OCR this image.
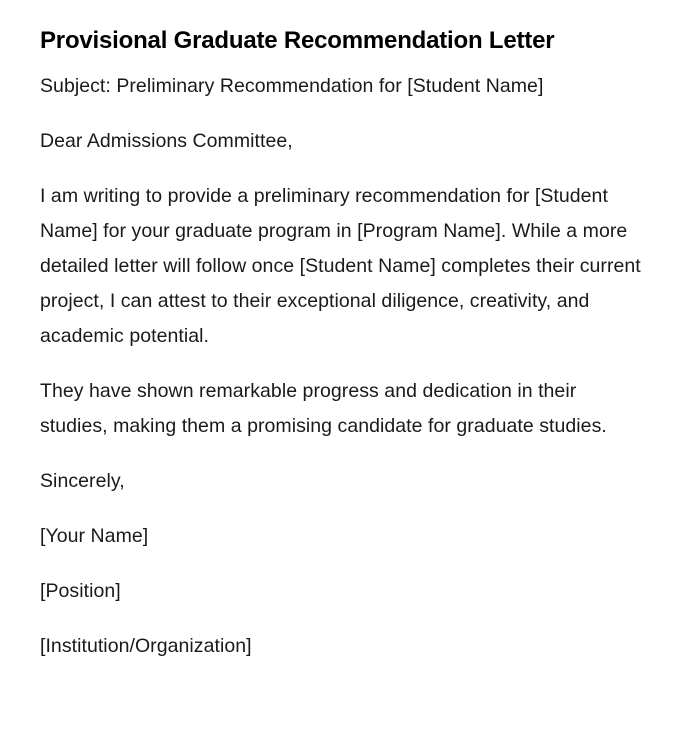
Provisional Graduate Recommendation Letter

Subject: Preliminary Recommendation for [Student Name]

Dear Admissions Committee,

I am writing to provide a preliminary recommendation for [Student Name] for your graduate program in [Program Name]. While a more detailed letter will follow once [Student Name] completes their current project, I can attest to their exceptional diligence, creativity, and academic potential.

They have shown remarkable progress and dedication in their studies, making them a promising candidate for graduate studies.

Sincerely,

[Your Name]

[Position]

[Institution/Organization]
